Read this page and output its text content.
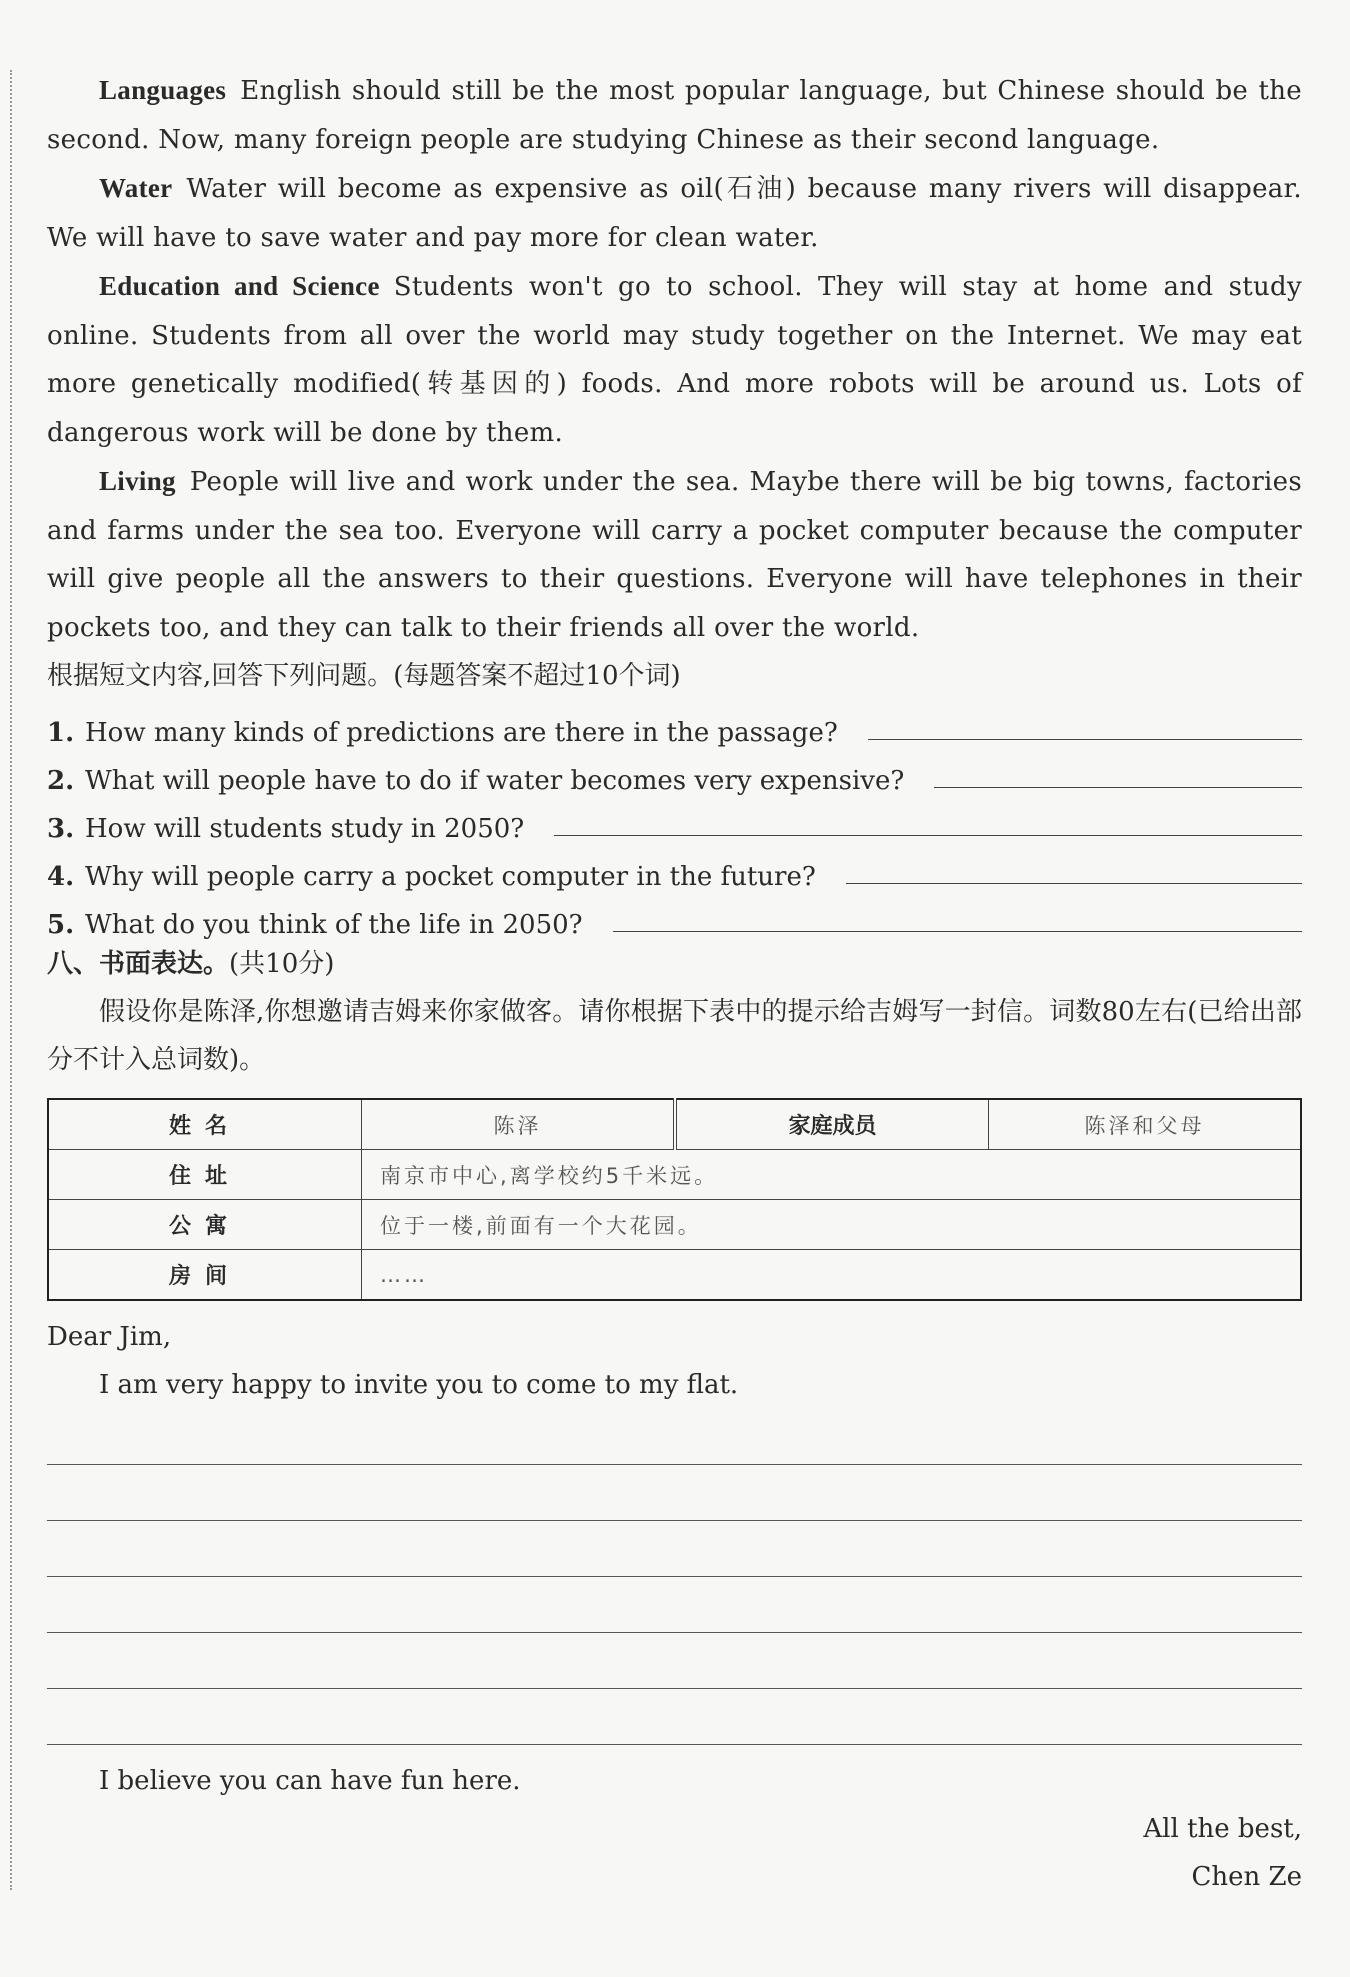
Languages English should still be the most popular language, but Chinese should be the second. Now, many foreign people are studying Chinese as their second language.

Water Water will become as expensive as oil(石油) because many rivers will disappear. We will have to save water and pay more for clean water.

Education and Science Students won't go to school. They will stay at home and study online. Students from all over the world may study together on the Internet. We may eat more genetically modified(转基因的) foods. And more robots will be around us. Lots of dangerous work will be done by them.

Living People will live and work under the sea. Maybe there will be big towns, factories and farms under the sea too. Everyone will carry a pocket computer because the computer will give people all the answers to their questions. Everyone will have telephones in their pockets too, and they can talk to their friends all over the world.

根据短文内容,回答下列问题。(每题答案不超过10个词)

1. How many kinds of predictions are there in the passage?
2. What will people have to do if water becomes very expensive?
3. How will students study in 2050?
4. Why will people carry a pocket computer in the future?
5. What do you think of the life in 2050?

八、书面表达。(共10分)

假设你是陈泽,你想邀请吉姆来你家做客。请你根据下表中的提示给吉姆写一封信。词数80左右(已给出部分不计入总词数)。

姓名	陈泽	家庭成员	陈泽和父母
住址	南京市中心,离学校约5千米远。		
公寓	位于一楼,前面有一个大花园。		
房间	……		
Dear Jim,
I am very happy to invite you to come to my flat.
I believe you can have fun here.
All the best,
Chen Ze
